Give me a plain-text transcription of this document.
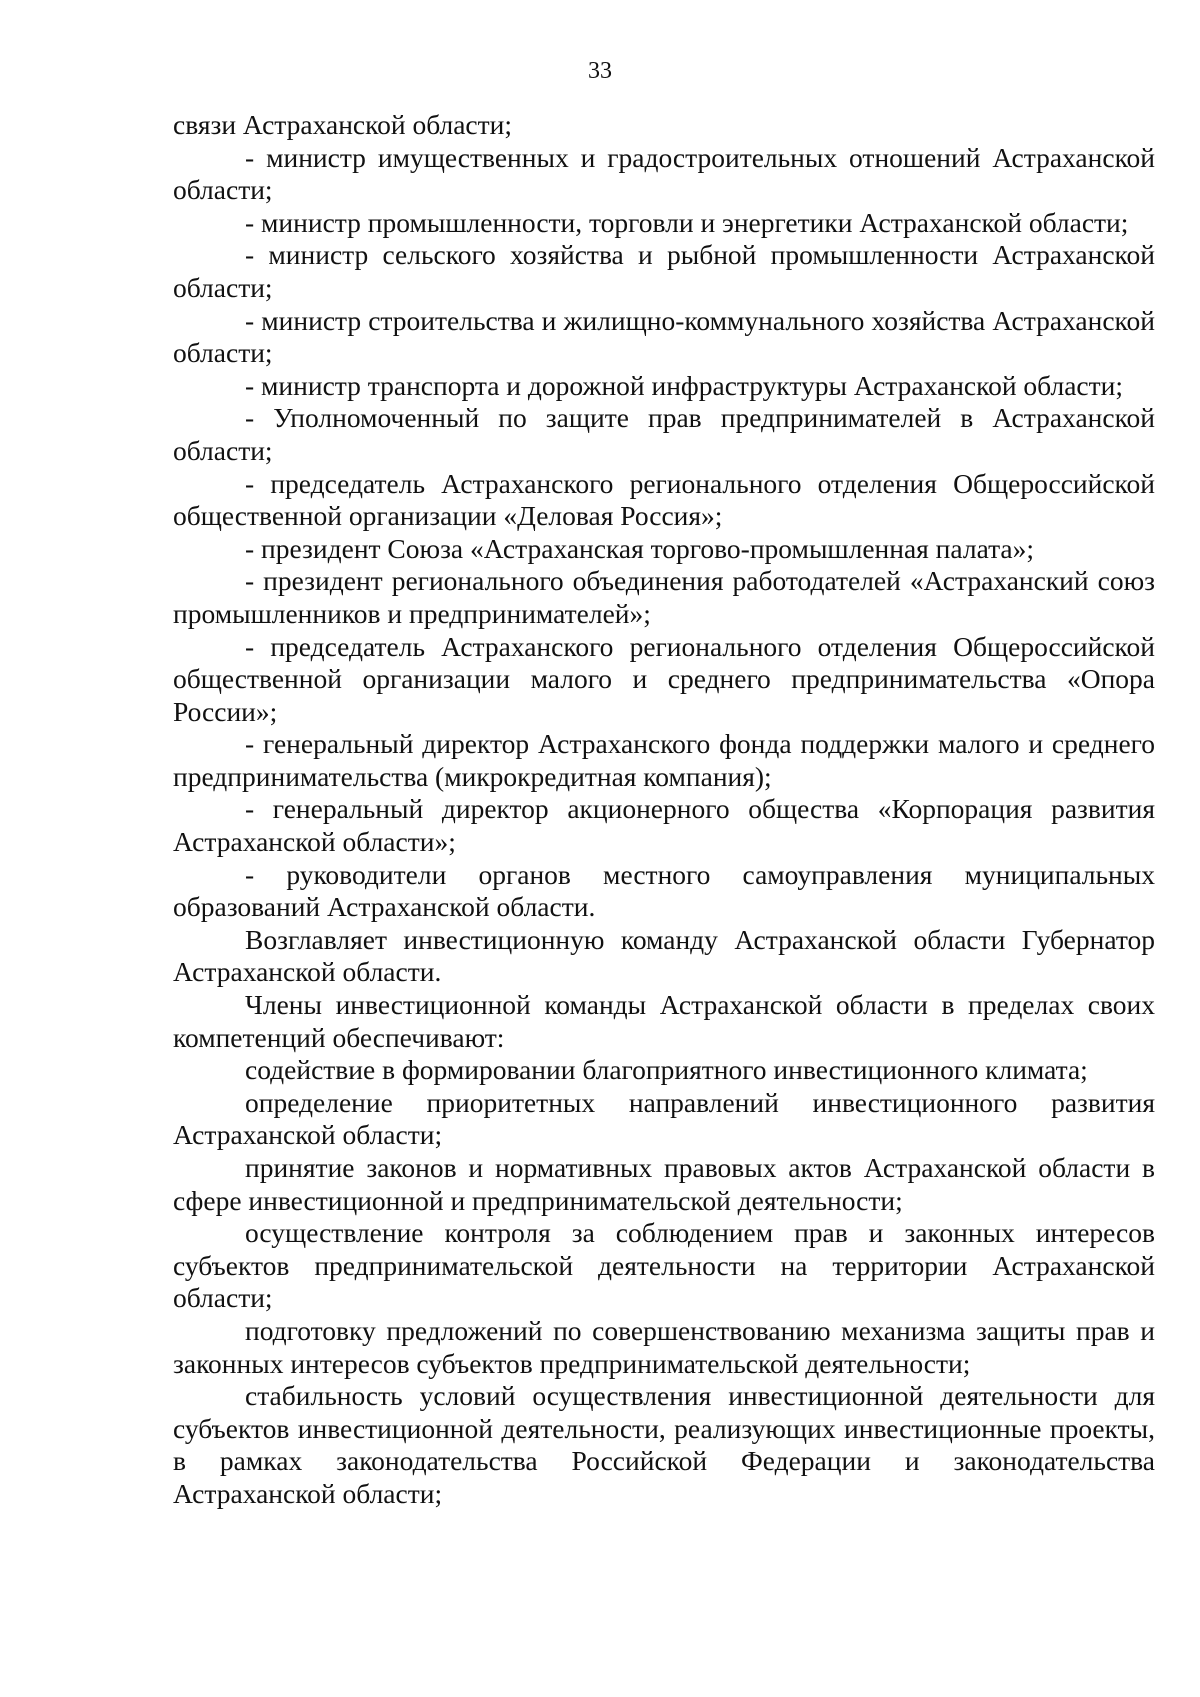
33

связи Астраханской области;

- министр имущественных и градостроительных отношений Астраханской области;

- министр промышленности, торговли и энергетики Астраханской области;

- министр сельского хозяйства и рыбной промышленности Астраханской области;

- министр строительства и жилищно-коммунального хозяйства Астраханской области;

- министр транспорта и дорожной инфраструктуры Астраханской области;

- Уполномоченный по защите прав предпринимателей в Астраханской области;

- председатель Астраханского регионального отделения Общероссийской общественной организации «Деловая Россия»;

- президент Союза «Астраханская торгово-промышленная палата»;

- президент регионального объединения работодателей «Астраханский союз промышленников и предпринимателей»;

- председатель Астраханского регионального отделения Общероссийской общественной организации малого и среднего предпринимательства «Опора России»;

- генеральный директор Астраханского фонда поддержки малого и среднего предпринимательства (микрокредитная компания);

- генеральный директор акционерного общества «Корпорация развития Астраханской области»;

- руководители органов местного самоуправления муниципальных образований Астраханской области.

Возглавляет инвестиционную команду Астраханской области Губернатор Астраханской области.

Члены инвестиционной команды Астраханской области в пределах своих компетенций обеспечивают:

содействие в формировании благоприятного инвестиционного климата;

определение приоритетных направлений инвестиционного развития Астраханской области;

принятие законов и нормативных правовых актов Астраханской области в сфере инвестиционной и предпринимательской деятельности;

осуществление контроля за соблюдением прав и законных интересов субъектов предпринимательской деятельности на территории Астраханской области;

подготовку предложений по совершенствованию механизма защиты прав и законных интересов субъектов предпринимательской деятельности;

стабильность условий осуществления инвестиционной деятельности для субъектов инвестиционной деятельности, реализующих инвестиционные проекты, в рамках законодательства Российской Федерации и законодательства Астраханской области;
